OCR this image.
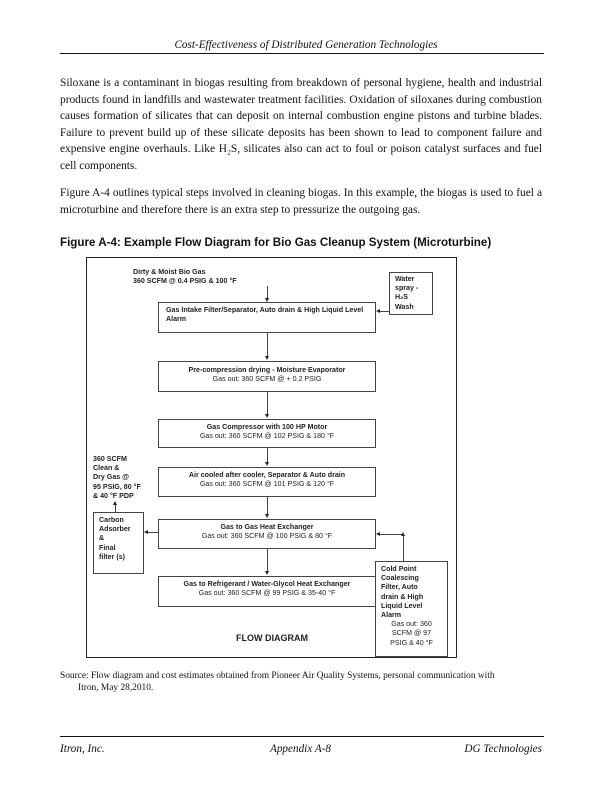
Cost-Effectiveness of Distributed Generation Technologies

Siloxane is a contaminant in biogas resulting from breakdown of personal hygiene, health and industrial products found in landfills and wastewater treatment facilities. Oxidation of siloxanes during combustion causes formation of silicates that can deposit on internal combustion engine pistons and turbine blades. Failure to prevent build up of these silicate deposits has been shown to lead to component failure and expensive engine overhauls. Like H₂S, silicates also can act to foul or poison catalyst surfaces and fuel cell components.

Figure A-4 outlines typical steps involved in cleaning biogas. In this example, the biogas is used to fuel a microturbine and therefore there is an extra step to pressurize the outgoing gas.

Figure A-4: Example Flow Diagram for Bio Gas Cleanup System (Microturbine)
Dirty & Moist Bio Gas
360 SCFM @ 0.4 PSIG & 100 °F
Gas Intake Filter/Separator, Auto drain & High Liquid Level Alarm
Water
spray -
H₂S
Wash
Pre-compression drying - Moisture Evaporator
Gas out: 360 SCFM @ + 0.2 PSIG
Gas Compressor with 100 HP Motor
Gas out: 360 SCFM @ 102 PSIG & 180 °F
Air cooled after cooler, Separator & Auto drain
Gas out: 360 SCFM @ 101 PSIG & 120 °F
Gas to Gas Heat Exchanger
Gas out: 360 SCFM @ 100 PSIG & 80 °F
Carbon
Adsorber
&
Final
filter (s)
360 SCFM
Clean &
Dry Gas @
95 PSIG, 80 °F
& 40 °F PDP
Gas to Refrigerant / Water-Glycol Heat Exchanger
Gas out: 360 SCFM @ 99 PSIG & 35-40 °F
Cold Point
Coalescing
Filter, Auto
drain & High
Liquid Level
Alarm
Gas out: 360
SCFM @ 97
PSIG & 40 °F
FLOW DIAGRAM
Source: Flow diagram and cost estimates obtained from Pioneer Air Quality Systems, personal communication with
Itron, May 28,2010.
Itron, Inc.	Appendix A-8	DG Technologies
